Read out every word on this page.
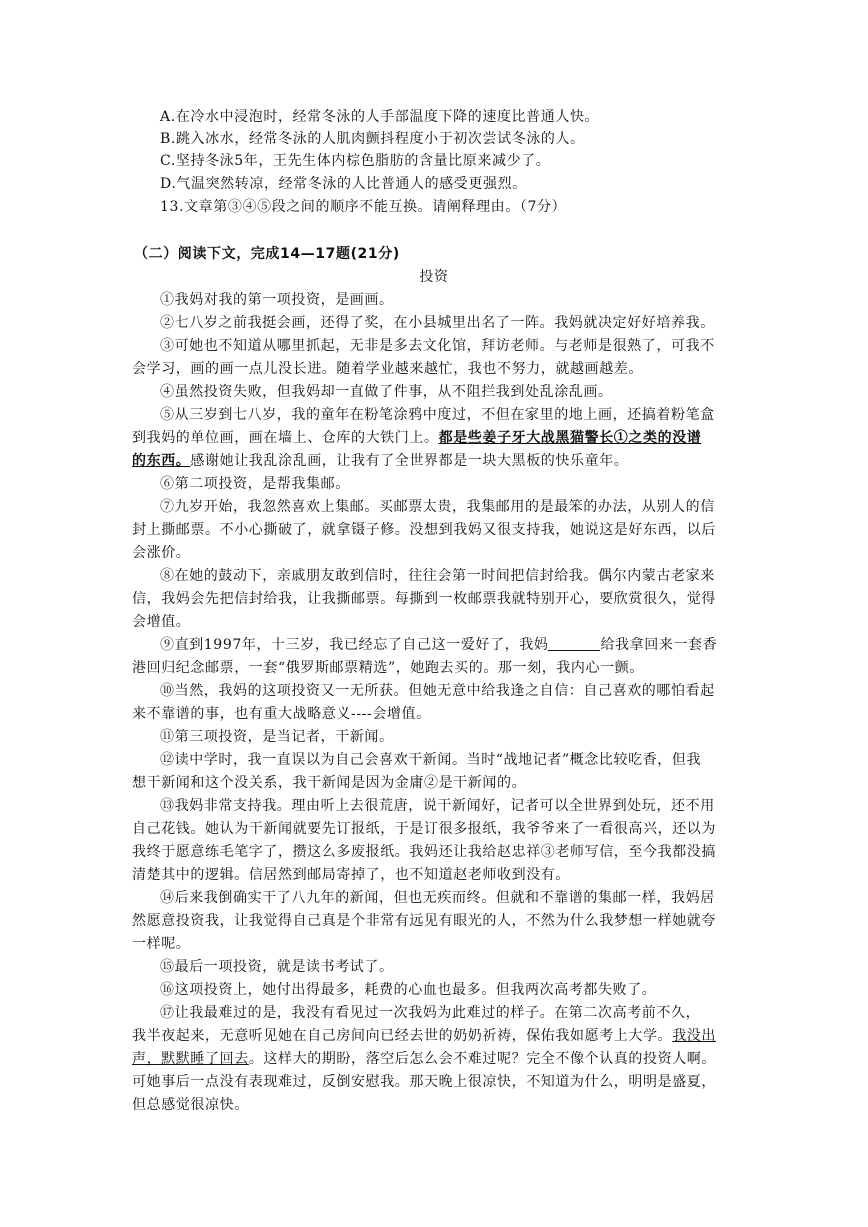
A.在冷水中浸泡时，经常冬泳的人手部温度下降的速度比普通人快。
B.跳入冰水，经常冬泳的人肌肉颤抖程度小于初次尝试冬泳的人。
C.坚持冬泳5年，王先生体内棕色脂肪的含量比原来减少了。
D.气温突然转凉，经常冬泳的人比普通人的感受更强烈。
13.文章第③④⑤段之间的顺序不能互换。请阐释理由。（7分）
（二）阅读下文，完成14—17题(21分)
投资
①我妈对我的第一项投资，是画画。
②七八岁之前我挺会画，还得了奖，在小县城里出名了一阵。我妈就决定好好培养我。
③可她也不知道从哪里抓起，无非是多去文化馆，拜访老师。与老师是很熟了，可我不
会学习，画的画一点儿没长进。随着学业越来越忙，我也不努力，就越画越差。
④虽然投资失败，但我妈却一直做了件事，从不阻拦我到处乱涂乱画。
⑤从三岁到七八岁，我的童年在粉笔涂鸦中度过，不但在家里的地上画，还搞着粉笔盒
到我妈的单位画，画在墙上、仓库的大铁门上。都是些姜子牙大战黑猫警长①之类的没谱
的东西。感谢她让我乱涂乱画，让我有了全世界都是一块大黑板的快乐童年。
⑥第二项投资，是帮我集邮。
⑦九岁开始，我忽然喜欢上集邮。买邮票太贵，我集邮用的是最笨的办法，从别人的信
封上撕邮票。不小心撕破了，就拿镊子修。没想到我妈又很支持我，她说这是好东西，以后
会涨价。
⑧在她的鼓动下，亲戚朋友敢到信时，往往会第一时间把信封给我。偶尔内蒙古老家来
信，我妈会先把信封给我，让我撕邮票。每撕到一枚邮票我就特别开心，要欣赏很久，觉得
会增值。
⑨直到1997年，十三岁，我已经忘了自己这一爱好了，我妈	给我拿回来一套香
港回归纪念邮票，一套“俄罗斯邮票精选”，她跑去买的。那一刻，我内心一颤。
⑩当然，我妈的这项投资又一无所获。但她无意中给我逢之自信：自己喜欢的哪怕看起
来不靠谱的事，也有重大战略意义----会增值。
⑪第三项投资，是当记者，干新闻。
⑫读中学时，我一直误以为自己会喜欢干新闻。当时“战地记者”概念比较吃香，但我
想干新闻和这个没关系，我干新闻是因为金庸②是干新闻的。
⑬我妈非常支持我。理由听上去很荒唐，说干新闻好，记者可以全世界到处玩，还不用
自己花钱。她认为干新闻就要先订报纸，于是订很多报纸，我爷爷来了一看很高兴，还以为
我终于愿意练毛笔字了，攒这么多废报纸。我妈还让我给赵忠祥③老师写信，至今我都没搞
清楚其中的逻辑。信居然到邮局寄掉了，也不知道赵老师收到没有。
⑭后来我倒确实干了八九年的新闻，但也无疾而终。但就和不靠谱的集邮一样，我妈居
然愿意投资我，让我觉得自己真是个非常有远见有眼光的人，不然为什么我梦想一样她就夸
一样呢。
⑮最后一项投资，就是读书考试了。
⑯这项投资上，她付出得最多，耗费的心血也最多。但我两次高考都失败了。
⑰让我最难过的是，我没有看见过一次我妈为此难过的样子。在第二次高考前不久，
我半夜起来，无意听见她在自己房间向已经去世的奶奶祈祷，保佑我如愿考上大学。我没出
声，默默睡了回去。这样大的期盼，落空后怎么会不难过呢？完全不像个认真的投资人啊。
可她事后一点没有表现难过，反倒安慰我。那天晚上很凉快，不知道为什么，明明是盛夏，
但总感觉很凉快。
